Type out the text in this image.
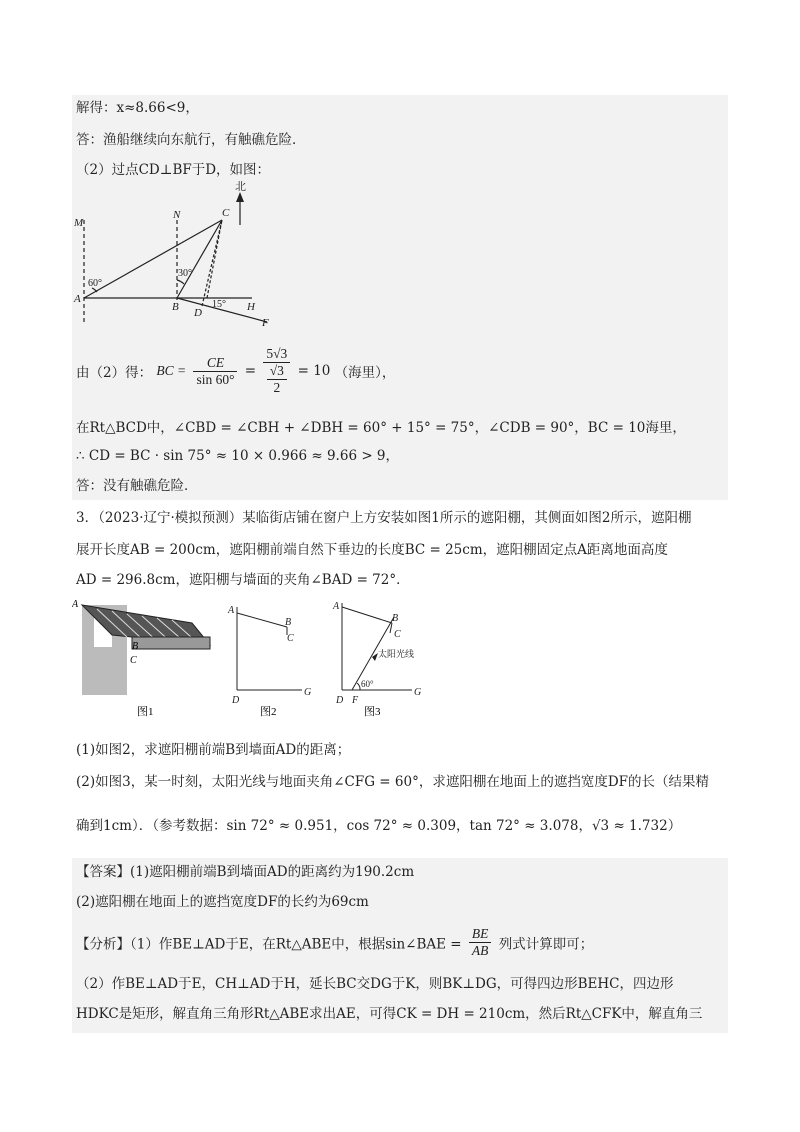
解得：x≈8.66<9，
答：渔船继续向东航行，有触礁危险．
（2）过点CD⊥BF于D，如图：
北
M
N	C
A
B D	H
F
60°
30°
15°
由（2）得： BC = $\frac{CE}{\sin 60^\circ} = \frac{5√3}{\frac{√3}{2}} = 10$ （海里），
在Rt△BCD中，∠CBD = ∠CBH + ∠DBH = 60° + 15° = 75°，∠CDB = 90°，BC = 10海里，
∴ CD = BC · sin 75° ≈ 10 × 0.966 ≈ 9.66 > 9，
答：没有触礁危险．
3．（2023·辽宁·模拟预测）某临街店铺在窗户上方安装如图1所示的遮阳棚，其侧面如图2所示，遮阳棚
展开长度AB = 200cm，遮阳棚前端自然下垂边的长度BC = 25cm，遮阳棚固定点A距离地面高度
AD = 296.8cm，遮阳棚与墙面的夹角∠BAD = 72°．
A
B
C
图1
A
B
C
D
G
图2
A
B
C
D F
G
太阳光线
60°
图3
(1)如图2，求遮阳棚前端B到墙面AD的距离；
(2)如图3，某一时刻，太阳光线与地面夹角∠CFG = 60°，求遮阳棚在地面上的遮挡宽度DF的长（结果精
确到1cm）．（参考数据：sin 72° ≈ 0.951，cos 72° ≈ 0.309，tan 72° ≈ 3.078，√3 ≈ 1.732）
【答案】(1)遮阳棚前端B到墙面AD的距离约为190.2cm
(2)遮阳棚在地面上的遮挡宽度DF的长约为69cm
【分析】（1）作BE⊥AD于E，在Rt△ABE中，根据sin∠BAE = $\frac{BE}{AB}$ 列式计算即可；
（2）作BE⊥AD于E，CH⊥AD于H，延长BC交DG于K，则BK⊥DG，可得四边形BEHC，四边形
HDKC是矩形，解直角三角形Rt△ABE求出AE，可得CK = DH = 210cm，然后Rt△CFK中，解直角三
